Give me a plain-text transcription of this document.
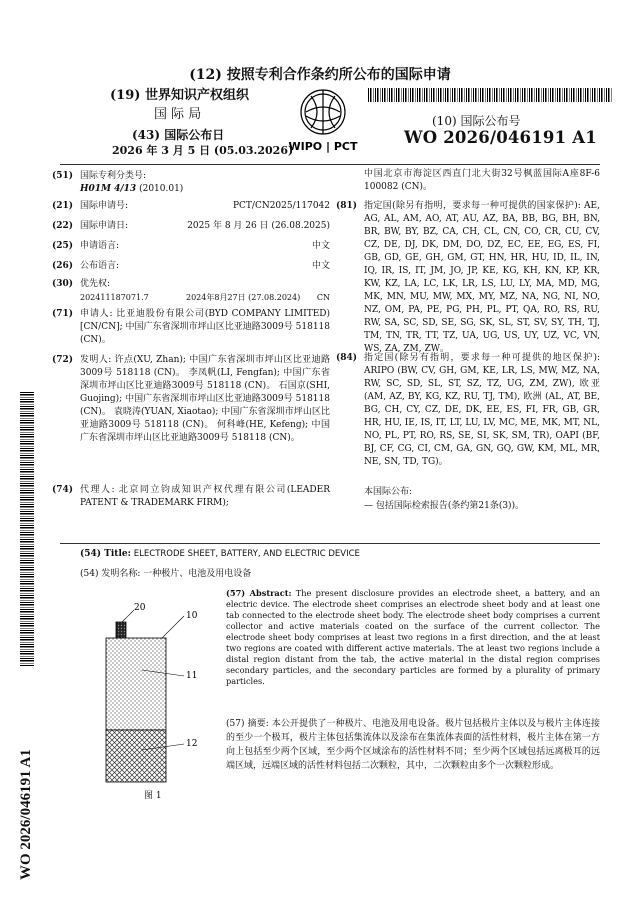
(12) 按照专利合作条约所公布的国际申请
(19) 世界知识产权组织
国 际 局
WIPO | PCT
(43) 国际公布日
2026 年 3 月 5 日 (05.03.2026)
(10) 国际公布号
WO 2026/046191 A1
WO 2026/046191 A1
(51) 国际专利分类号:
H01M 4/13 (2010.01)
(21) 国际申请号:	PCT/CN2025/117042
(22) 国际申请日:	2025 年 8 月 26 日 (26.08.2025)
(25) 申请语言:	中文
(26) 公布语言:	中文
(30) 优先权:
202411187071.7	2024年8月27日 (27.08.2024) CN
(71) 申请人: 比亚迪股份有限公司(BYD COMPANY LIMITED) [CN/CN]; 中国广东省深圳市坪山区比亚迪路3009号 518118 (CN)。
(72) 发明人: 许点(XU, Zhan); 中国广东省深圳市坪山区比亚迪路3009号 518118 (CN)。 李凤帆(LI, Fengfan); 中国广东省深圳市坪山区比亚迪路3009号 518118 (CN)。 石国京(SHI, Guojing); 中国广东省深圳市坪山区比亚迪路3009号 518118 (CN)。 袁晓涛(YUAN, Xiaotao); 中国广东省深圳市坪山区比亚迪路3009号 518118 (CN)。 何科峰(HE, Kefeng); 中国广东省深圳市坪山区比亚迪路3009号 518118 (CN)。
(74) 代理人: 北京同立钧成知识产权代理有限公司(LEADER PATENT & TRADEMARK FIRM);
中国北京市海淀区西直门北大街32号枫蓝国际A座8F-6 100082 (CN)。
(81) 指定国(除另有指明，要求每一种可提供的国家保护): AE, AG, AL, AM, AO, AT, AU, AZ, BA, BB, BG, BH, BN, BR, BW, BY, BZ, CA, CH, CL, CN, CO, CR, CU, CV, CZ, DE, DJ, DK, DM, DO, DZ, EC, EE, EG, ES, FI, GB, GD, GE, GH, GM, GT, HN, HR, HU, ID, IL, IN, IQ, IR, IS, IT, JM, JO, JP, KE, KG, KH, KN, KP, KR, KW, KZ, LA, LC, LK, LR, LS, LU, LY, MA, MD, MG, MK, MN, MU, MW, MX, MY, MZ, NA, NG, NI, NO, NZ, OM, PA, PE, PG, PH, PL, PT, QA, RO, RS, RU, RW, SA, SC, SD, SE, SG, SK, SL, ST, SV, SY, TH, TJ, TM, TN, TR, TT, TZ, UA, UG, US, UY, UZ, VC, VN, WS, ZA, ZM, ZW。
(84) 指定国(除另有指明，要求每一种可提供的地区保护): ARIPO (BW, CV, GH, GM, KE, LR, LS, MW, MZ, NA, RW, SC, SD, SL, ST, SZ, TZ, UG, ZM, ZW), 欧亚 (AM, AZ, BY, KG, KZ, RU, TJ, TM), 欧洲 (AL, AT, BE, BG, CH, CY, CZ, DE, DK, EE, ES, FI, FR, GB, GR, HR, HU, IE, IS, IT, LT, LU, LV, MC, ME, MK, MT, NL, NO, PL, PT, RO, RS, SE, SI, SK, SM, TR), OAPI (BF, BJ, CF, CG, CI, CM, GA, GN, GQ, GW, KM, ML, MR, NE, SN, TD, TG)。
本国际公布:
— 包括国际检索报告(条约第21条(3))。
(54) Title: ELECTRODE SHEET, BATTERY, AND ELECTRIC DEVICE
(54) 发明名称: 一种极片、电池及用电设备
20
10
11
12
图 1
(57) Abstract: The present disclosure provides an electrode sheet, a battery, and an electric device. The electrode sheet comprises an electrode sheet body and at least one tab connected to the electrode sheet body. The electrode sheet body comprises a current collector and active materials coated on the surface of the current collector. The electrode sheet body comprises at least two regions in a first direction, and the at least two regions are coated with different active materials. The at least two regions include a distal region distant from the tab, the active material in the distal region comprises secondary particles, and the secondary particles are formed by a plurality of primary particles.
(57) 摘要: 本公开提供了一种极片、电池及用电设备。极片包括极片主体以及与极片主体连接的至少一个极耳，极片主体包括集流体以及涂布在集流体表面的活性材料，极片主体在第一方向上包括至少两个区域，至少两个区域涂布的活性材料不同；至少两个区域包括远离极耳的远端区域，远端区域的活性材料包括二次颗粒，其中，二次颗粒由多个一次颗粒形成。
